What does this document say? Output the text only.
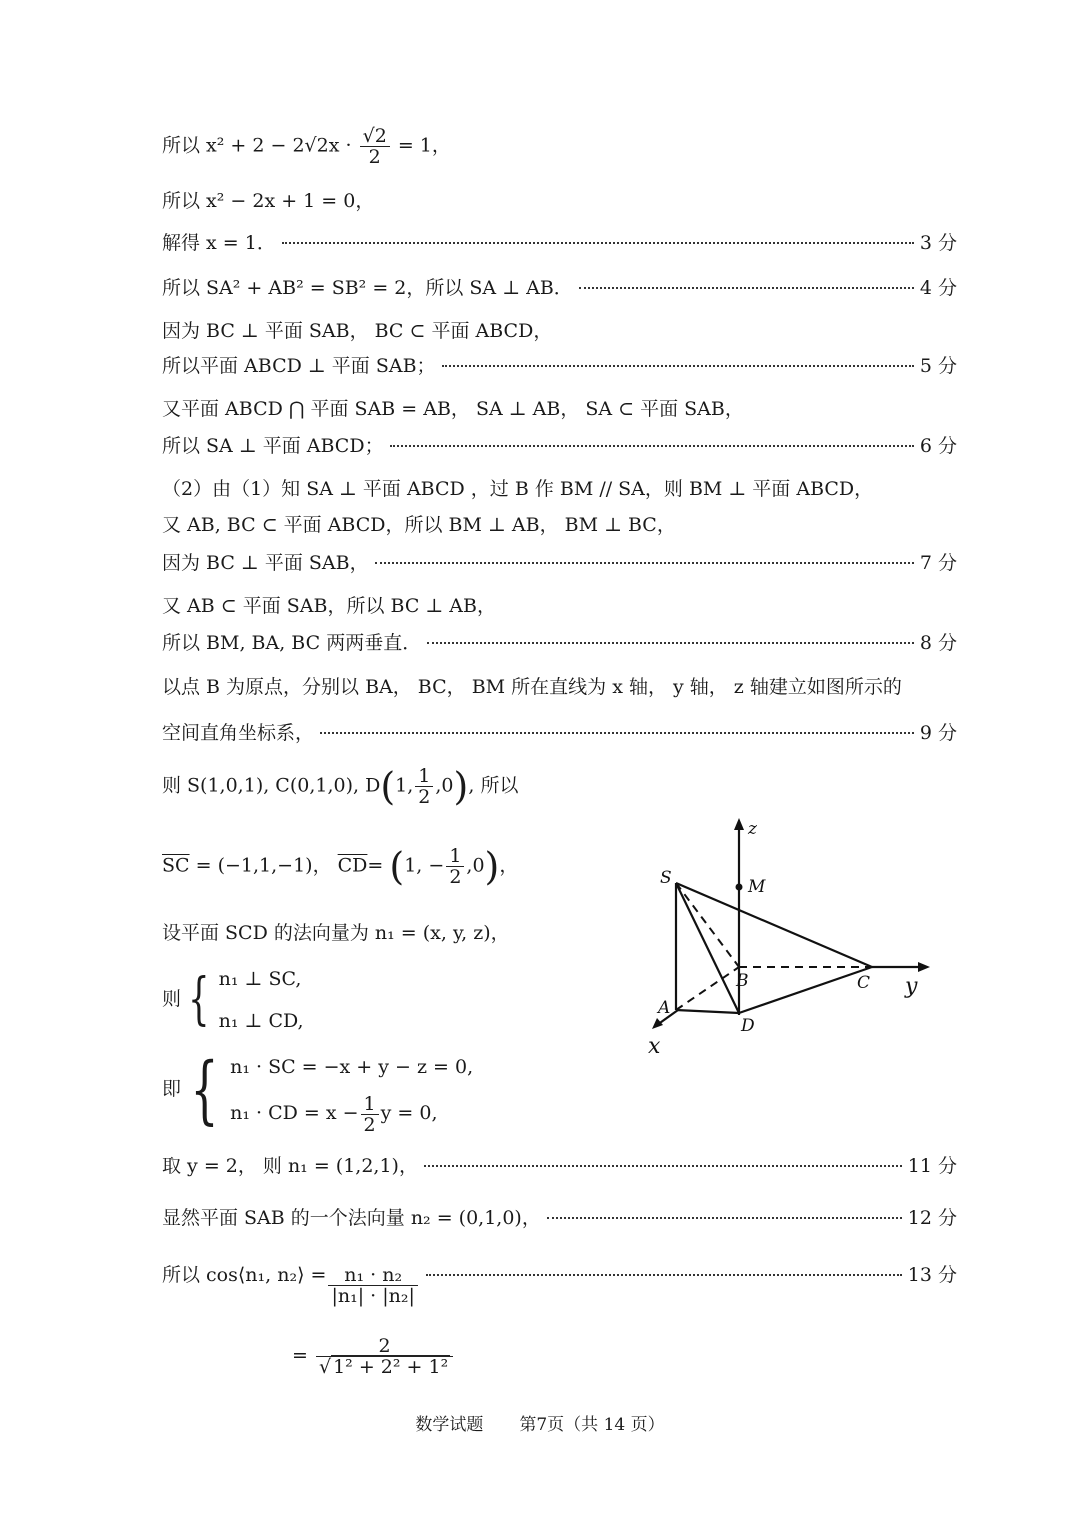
所以 $x^2 + 2 - 2√2x \cdot \frac{√2}{2} = 1$，
所以 x² − 2x + 1 = 0，
解得 x = 1．	3 分
所以 SA² + AB² = SB² = 2，所以 SA ⊥ AB．	4 分
因为 BC ⊥ 平面 SAB， BC ⊂ 平面 ABCD，
所以平面 ABCD ⊥ 平面 SAB；	5 分
又平面 ABCD ⋂ 平面 SAB = AB， SA ⊥ AB， SA ⊂ 平面 SAB，
所以 SA ⊥ 平面 ABCD；	6 分
（2）由（1）知 SA ⊥ 平面 ABCD ，过 B 作 BM // SA，则 BM ⊥ 平面 ABCD，
又 AB, BC ⊂ 平面 ABCD，所以 BM ⊥ AB， BM ⊥ BC，
因为 BC ⊥ 平面 SAB，	7 分
又 AB ⊂ 平面 SAB，所以 BC ⊥ AB，
所以 BM, BA, BC 两两垂直．	8 分
以点 B 为原点，分别以 BA， BC， BM 所在直线为 x 轴， y 轴， z 轴建立如图所示的
空间直角坐标系，	9 分
则 S(1,0,1), C(0,1,0), D(1, $\frac{1}{2} ,0$), 所以
$\overline{SC} = (-1,1,-1)$， $\overline{CD}= (1$, − $\frac{1}{2} ,0$)，
设平面 SCD 的法向量为 n₁ = (x, y, z)，
则 { n₁ ⊥ SC,
n₁ ⊥ CD,
即 { n₁ · SC = −x + y − z = 0,
n₁ · CD = $x - \frac{1}{2}$ y = 0,
取 y = 2， 则 n₁ = (1,2,1)，	11 分
显然平面 SAB 的一个法向量 n₂ = (0,1,0)，	12 分
所以 cos⟨n₁, n₂⟩ = $\frac{\text{n₁ · n₂}}{\text{|n₁| · |n₂|}}$	13 分
= $\frac{2}{\text{√ 1² + 2² + 1²}}$
z
y
x
S	M
B	C
A
D
数学试题 第7页（共 14 页）
